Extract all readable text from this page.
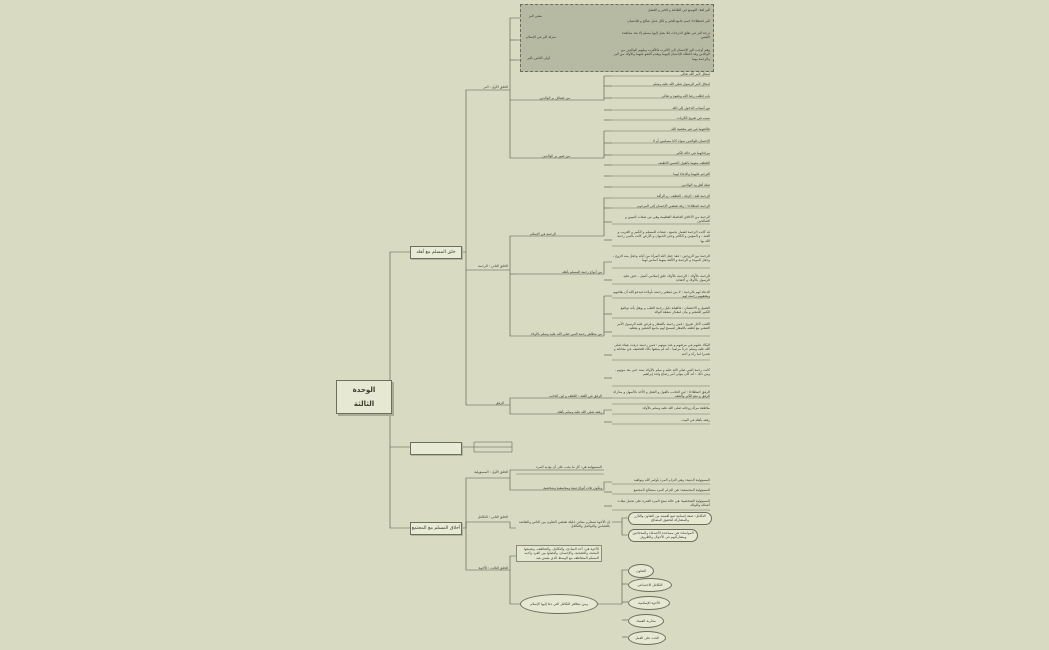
الوحدة الثالثة
خلق المسلم مع أهله
أخلاق المسلم مع المجتمع
الخلق الأول : البر
معنى البر
منزلة البر في الإسلام
أولى الناس بالبر
البر لغة: التوسع في الطاعة و الخير و الفضل
البر اصطلاحا: اسم جامع للخير و لكل عمل صالح و للإحسان
درجة البر في تعلق الدرجات فلا يصل إليها مسلم إلا بعد مجاهدة النفس
وهم أوجب البر الإحسان إلى الأقرب فالأقرب ويليهم الوالدين من الوالدين وقد أعطاه الإحسان إليهما ويقدم العفو عنهما والأولاد من البر والرحمة بهما
من فضائل بر الوالدين
امتثال لأمر الله تعالى
امتثال لأمر الرسول صلى الله عليه وسلم
باب لطلب رضا الله وعفوه و تعالى
من أسباب الدخول إلى الله
سبب في تفريج الكربات
من صور بر الوالدين
طاعتهما في غير معصية الله
الإحسان للوالدين سواء كانا مسلمين أو لا
مراعاتهما في حالة الكبر
التلطف معهما بالقول الحسن اللطيف
الترحم عليهما والدعاء لهما
صلة أهل ود الوالدين
الخلق الثاني : الرحمة
الرحمة في الإسلام
الرحمة لغة : الرقة ، العطف ، و الرأفة
الرحمة اصطلاحا : رقة تقتضي الإحسان إلى المرحوم
الرحمة من الأخلاق الفاضلة العظيمة وهي من صفات النبيين و الصالحين
قد كانت الرحمة لشمل بجميع ، صفات للمسلم و الكبير و الغريب و العبد ، و المؤمن و الكافر وحتى الحيوان و الأرض كانت بالنبي رحمة الله بها
من أنواع رحمة المسلم بأهله
الرحمة بين الزوجين : فقد جعل الله المرأة من آياته وجعل بينه الزوج ، وجعل المودة و الرحمة و الألفة بينهما أساس لهما
الرحمة بالأولاد : الرحمة بالأولاد خلق إسلامي أصيل ، حض عليه الرسول بالأولاد و أحفاده
من مظاهر رحمة النبي صلى الله عليه وسلم بالأولاد
الدعاء لهم بالرحمة : لا بين فيطير رحمته بأولاده فيدعو الله أن يعافيهم ويشفيهم رحمته لهم
التقبيل و الاحتضان : فالقبلة دليل رحمة القلب و يوهل بأنه تواضع الكبير للصغير و بيان لمقدار شفقة الوالد
اللعب لأجل تفريح : فمن رحمته بالصغار و فرض عليه الرسول الأمر الصغير مع لطفه بالصغار لتسمح لهم بجمع الصغير و يعطيه
البكاء عليهم في مرضهم و عند موتهم : فمن رحمته ذرفت عيناه صلى الله عليه وسلم حزنا مرضيا ، أنه لم يمنعها بكاء للتخفيف عن معاناته و تقديرا لما رآه و أحبه
كانت رحمة النبي صلى الله عليه و سلم بالأولاد تمتد حتى بعد موتهم ، ومن ذلك : أنه كان يتولى أمر رضاع ولده إبراهيم
الرفق
الرفق في اللغة : اللطف و لين الجانب
الرفق اصطلاحا : لين الجانب بالقول و الفعل و الأخذ بالأسهل و مداراة الرفق و منع الكبر والعنف
رفقه صلى الله عليه وسلم بأهله
ملاطفة مرأة زوجاته صلى الله عليه وسلم بالأولاد
رفقه بأهله في البيت
الخلق الأول : المسؤولية
المسؤولية هي: كل ما يجب على أن يؤديه المرء
وتكون ثلاث أنواع دينية ومجتمعية وشخصية
المسؤولية الدينية: وهي التزام المرء بأوامر الله ونواهيه
المسؤولية المجتمعية: هي التزام المرء بمصالح المجتمع
المسؤولية الشخصية: هي حالة تمنح المرء القدرة على تحمل تبعات أعماله وأقواله
الخلق الثاني : التكافل
إن الأخوة تستلزم معاني جليلة تقتضي التعاون بين الناس والتعاضد بالتضامن والتواصل والتكافل
التكافل: صفة إنسانية تنبع أهميته من التعاون والتآزر والمشاركة لتحقيق المصالح
المواساة: هي مساعدة الأصدقاء والمحتاجين ومشاركتهم في الأحوال والظروف
الخلق الثالث : الأخوة
الأخوة هي: أحد المبادئ، والتكافل، والتعاطف، وتجمعها المحبة، والتضحية، والإحسان، وأفضلها بين الفرد وأخيه المسلم المتعاطف مع الوسط الذي يعيش فيه
ومن مظاهر التكافل التي دعا إليها الإسلام
التعاون
التكافل الاجتماعي
الأخوة الإسلامية
محاربة الفساد
الحث على العمل
